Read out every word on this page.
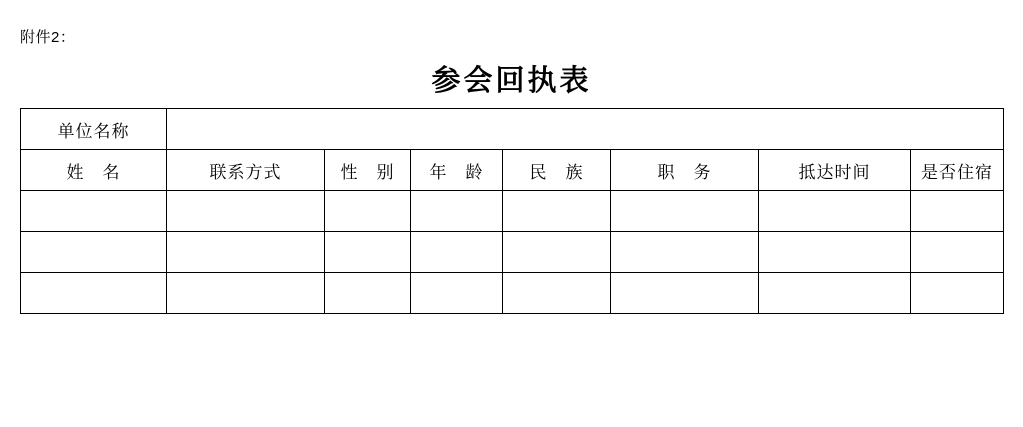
附件2：
参会回执表
单位名称							
姓　名	联系方式	性　别	年　龄	民　族	职　务	抵达时间	是否住宿
